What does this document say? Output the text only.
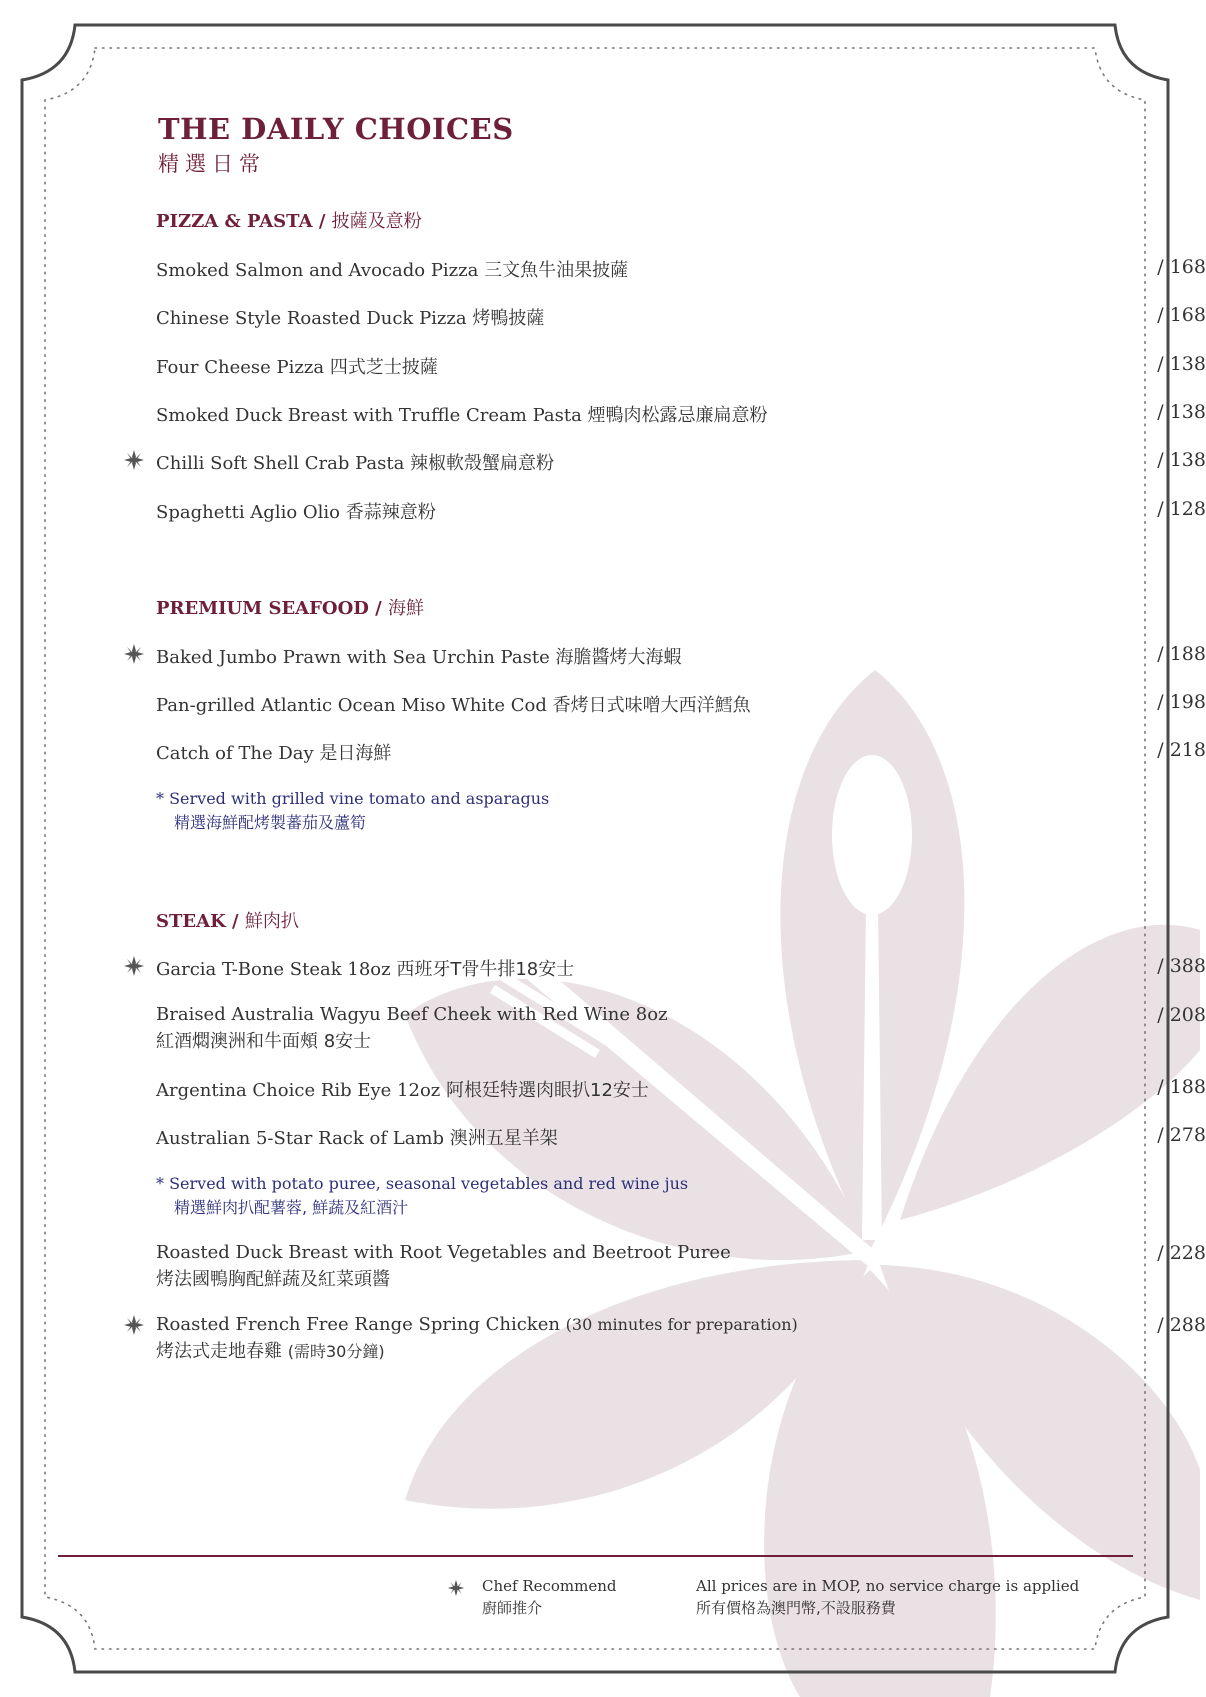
THE DAILY CHOICES
精選日常
PIZZA & PASTA / 披薩及意粉
Smoked Salmon and Avocado Pizza 三文魚牛油果披薩	/ 168
Chinese Style Roasted Duck Pizza 烤鴨披薩	/ 168
Four Cheese Pizza 四式芝士披薩	/ 138
Smoked Duck Breast with Truffle Cream Pasta 煙鴨肉松露忌廉扁意粉	/ 138
Chilli Soft Shell Crab Pasta 辣椒軟殼蟹扁意粉	/ 138
Spaghetti Aglio Olio 香蒜辣意粉	/ 128
PREMIUM SEAFOOD / 海鮮
Baked Jumbo Prawn with Sea Urchin Paste 海膽醬烤大海蝦	/ 188
Pan-grilled Atlantic Ocean Miso White Cod 香烤日式味噌大西洋鱈魚	/ 198
Catch of The Day 是日海鮮	/ 218
* Served with grilled vine tomato and asparagus
精選海鮮配烤製蕃茄及蘆筍
STEAK / 鮮肉扒
Garcia T-Bone Steak 18oz 西班牙T骨牛排18安士	/ 388
Braised Australia Wagyu Beef Cheek with Red Wine 8oz
紅酒燜澳洲和牛面頰 8安士
/ 208
Argentina Choice Rib Eye 12oz 阿根廷特選肉眼扒12安士	/ 188
Australian 5-Star Rack of Lamb 澳洲五星羊架	/ 278
* Served with potato puree, seasonal vegetables and red wine jus
精選鮮肉扒配薯蓉, 鮮蔬及紅酒汁
Roasted Duck Breast with Root Vegetables and Beetroot Puree
烤法國鴨胸配鮮蔬及紅菜頭醬
/ 228
Roasted French Free Range Spring Chicken (30 minutes for preparation)
烤法式走地春雞 (需時30分鐘)
/ 288
Chef Recommend
廚師推介
All prices are in MOP, no service charge is applied
所有價格為澳門幣,不設服務費
